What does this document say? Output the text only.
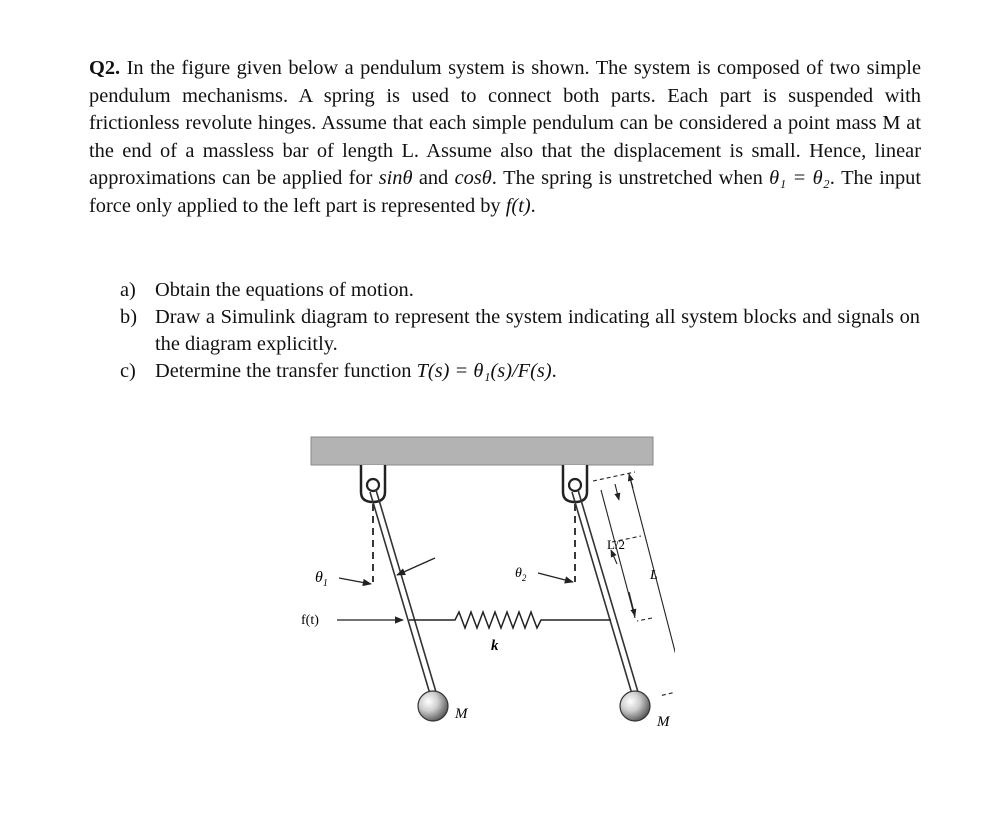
Q2. In the figure given below a pendulum system is shown. The system is composed of two simple pendulum mechanisms. A spring is used to connect both parts. Each part is suspended with frictionless revolute hinges. Assume that each simple pendulum can be considered a point mass M at the end of a massless bar of length L. Assume also that the displacement is small. Hence, linear approximations can be applied for sinθ and cosθ. The spring is unstretched when θ₁ = θ₂. The input force only applied to the left part is represented by f(t).
a) Obtain the equations of motion.
b) Draw a Simulink diagram to represent the system indicating all system blocks and signals on the diagram explicitly.
c) Determine the transfer function T(s) = θ₁(s)/F(s).
$\theta_1$
$\theta_2$
f(t)
k
M	M
L/2
L
